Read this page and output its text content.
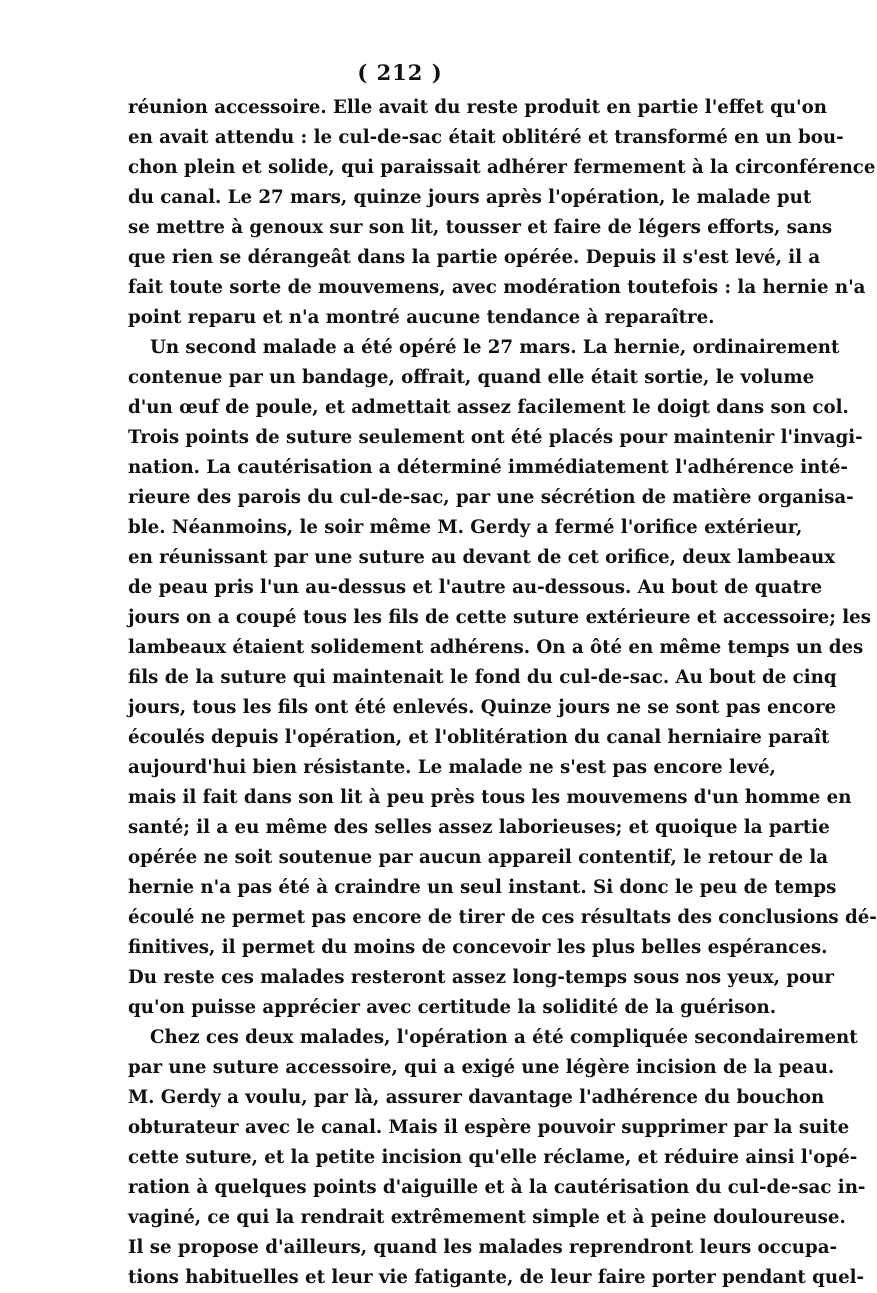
( 212 )
réunion accessoire. Elle avait du reste produit en partie l'effet qu'on
en avait attendu : le cul-de-sac était oblitéré et transformé en un bou-
chon plein et solide, qui paraissait adhérer fermement à la circonférence
du canal. Le 27 mars, quinze jours après l'opération, le malade put
se mettre à genoux sur son lit, tousser et faire de légers efforts, sans
que rien se dérangeât dans la partie opérée. Depuis il s'est levé, il a
fait toute sorte de mouvemens, avec modération toutefois : la hernie n'a
point reparu et n'a montré aucune tendance à reparaître.
Un second malade a été opéré le 27 mars. La hernie, ordinairement
contenue par un bandage, offrait, quand elle était sortie, le volume
d'un œuf de poule, et admettait assez facilement le doigt dans son col.
Trois points de suture seulement ont été placés pour maintenir l'invagi-
nation. La cautérisation a déterminé immédiatement l'adhérence inté-
rieure des parois du cul-de-sac, par une sécrétion de matière organisa-
ble. Néanmoins, le soir même M. Gerdy a fermé l'orifice extérieur,
en réunissant par une suture au devant de cet orifice, deux lambeaux
de peau pris l'un au-dessus et l'autre au-dessous. Au bout de quatre
jours on a coupé tous les fils de cette suture extérieure et accessoire; les
lambeaux étaient solidement adhérens. On a ôté en même temps un des
fils de la suture qui maintenait le fond du cul-de-sac. Au bout de cinq
jours, tous les fils ont été enlevés. Quinze jours ne se sont pas encore
écoulés depuis l'opération, et l'oblitération du canal herniaire paraît
aujourd'hui bien résistante. Le malade ne s'est pas encore levé,
mais il fait dans son lit à peu près tous les mouvemens d'un homme en
santé; il a eu même des selles assez laborieuses; et quoique la partie
opérée ne soit soutenue par aucun appareil contentif, le retour de la
hernie n'a pas été à craindre un seul instant. Si donc le peu de temps
écoulé ne permet pas encore de tirer de ces résultats des conclusions dé-
finitives, il permet du moins de concevoir les plus belles espérances.
Du reste ces malades resteront assez long-temps sous nos yeux, pour
qu'on puisse apprécier avec certitude la solidité de la guérison.
Chez ces deux malades, l'opération a été compliquée secondairement
par une suture accessoire, qui a exigé une légère incision de la peau.
M. Gerdy a voulu, par là, assurer davantage l'adhérence du bouchon
obturateur avec le canal. Mais il espère pouvoir supprimer par la suite
cette suture, et la petite incision qu'elle réclame, et réduire ainsi l'opé-
ration à quelques points d'aiguille et à la cautérisation du cul-de-sac in-
vaginé, ce qui la rendrait extrêmement simple et à peine douloureuse.
Il se propose d'ailleurs, quand les malades reprendront leurs occupa-
tions habituelles et leur vie fatigante, de leur faire porter pendant quel-
